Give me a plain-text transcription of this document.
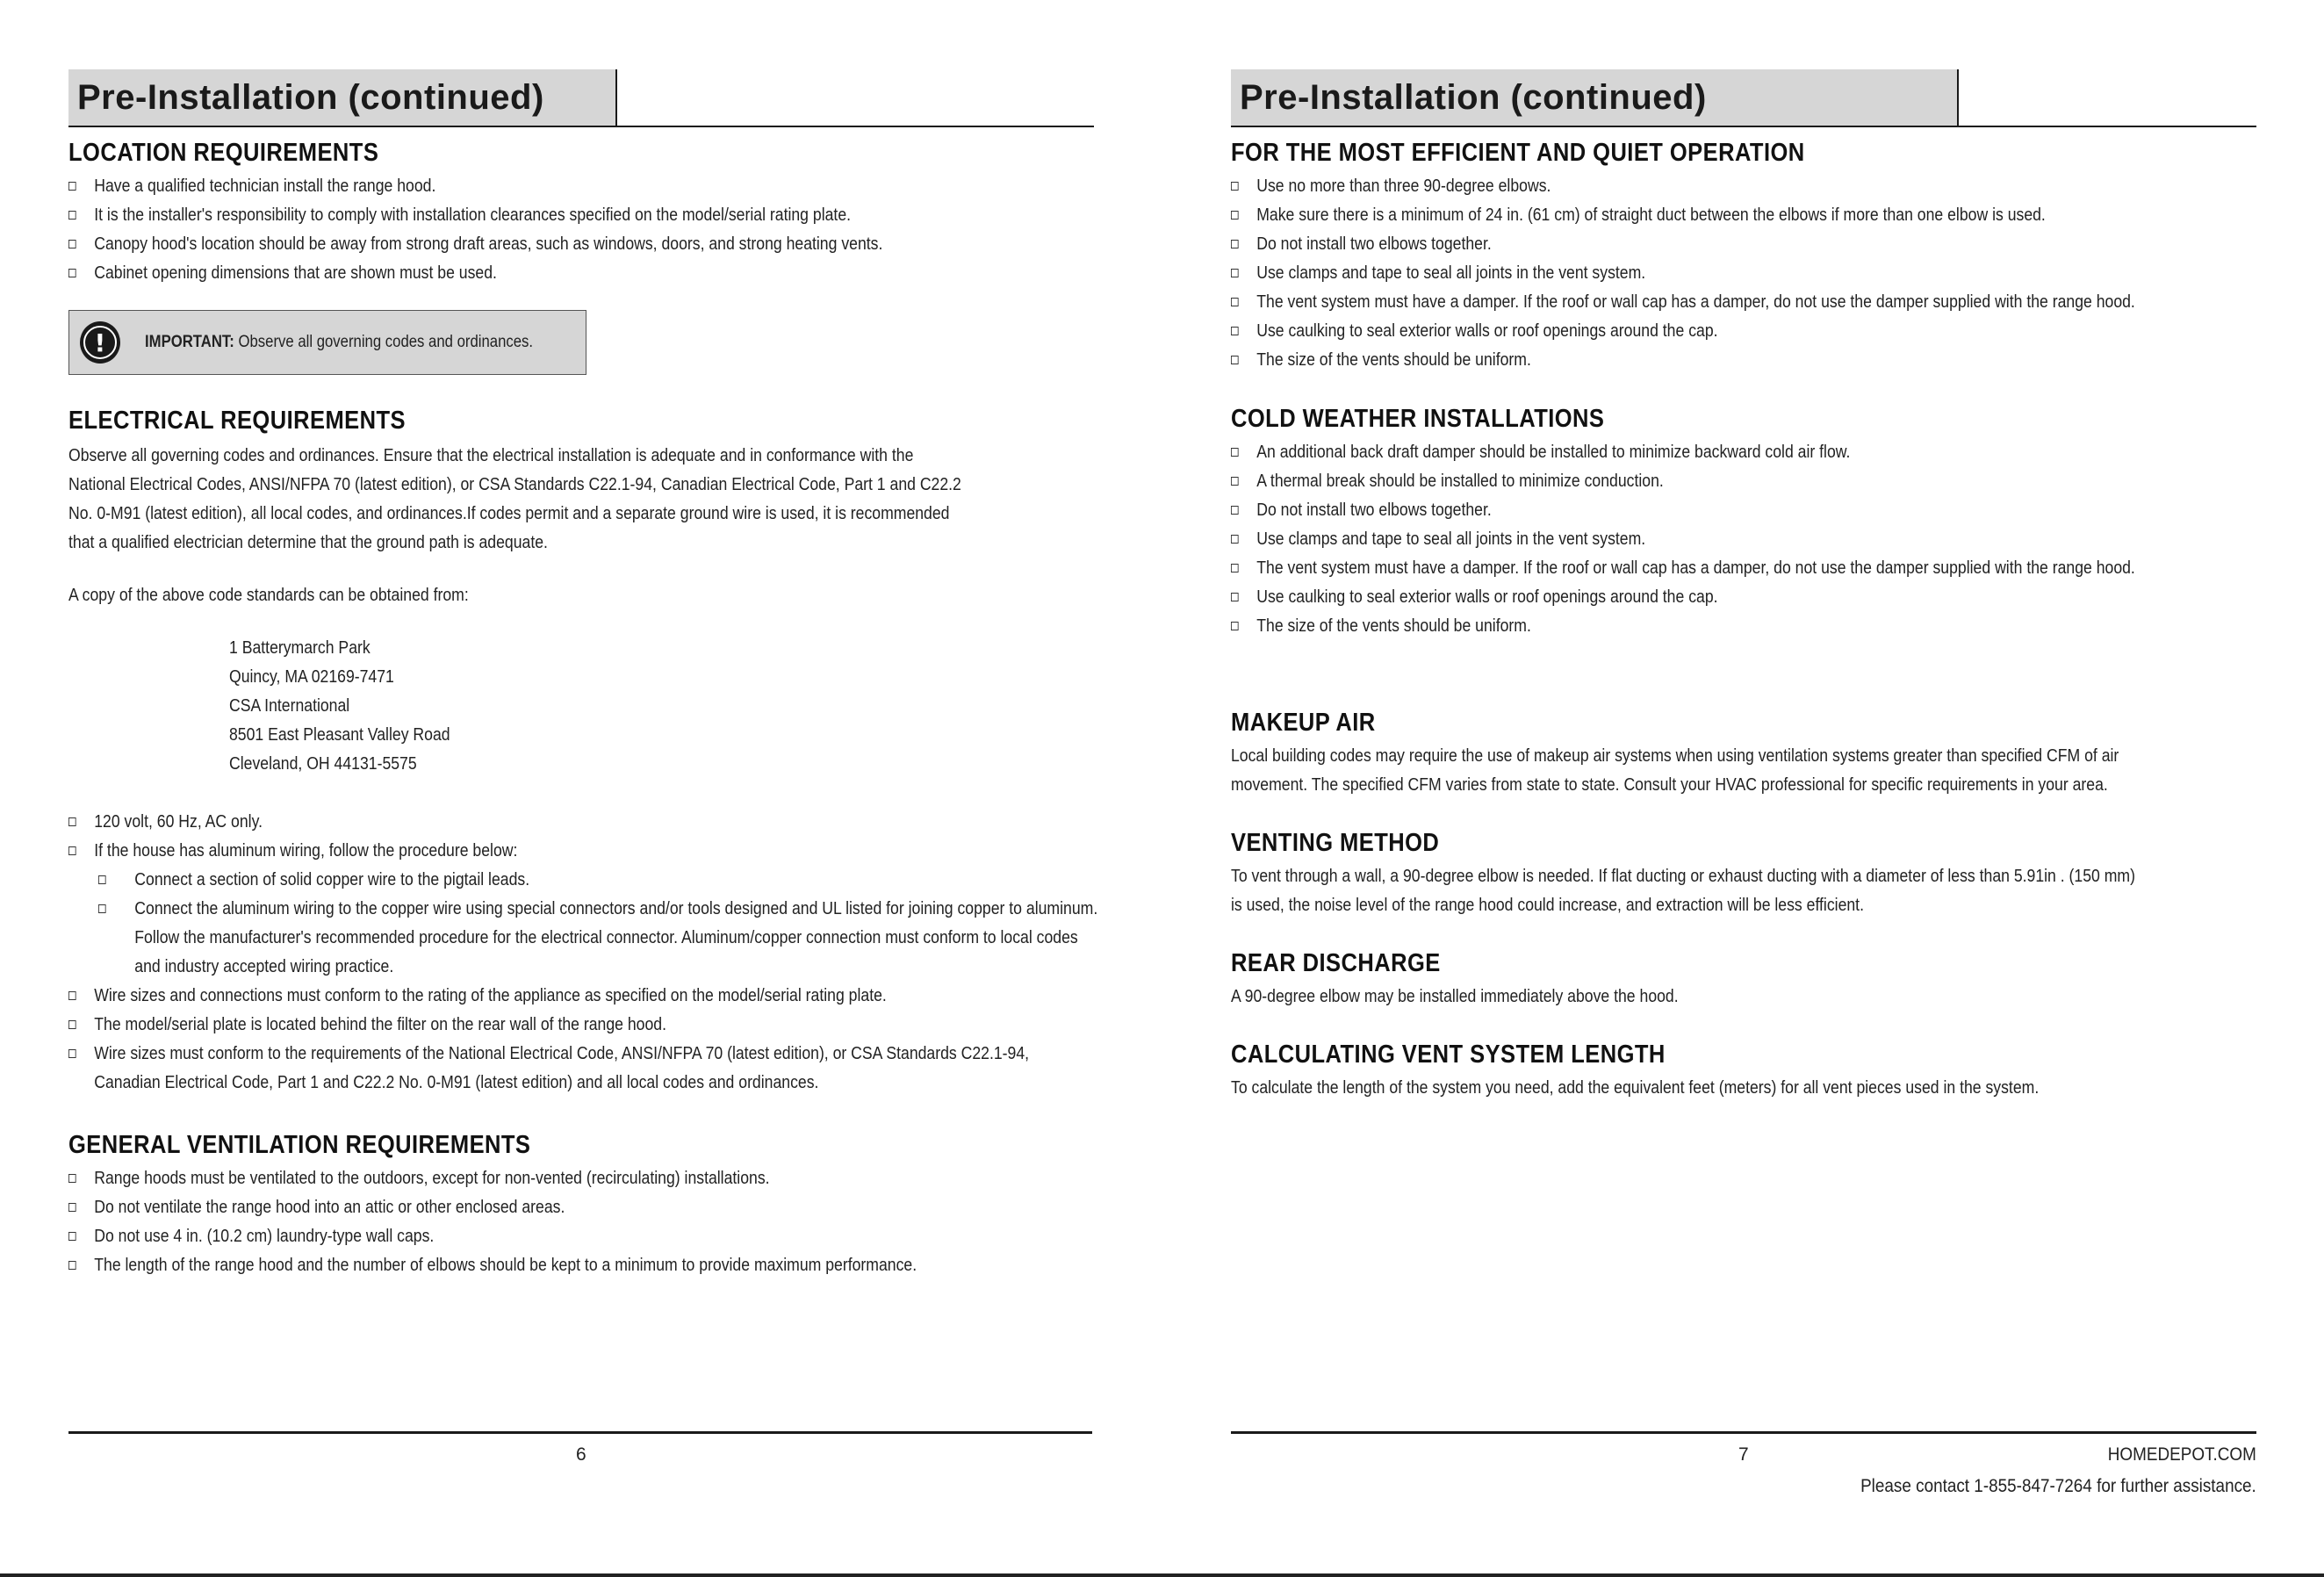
Pre-Installation (continued)
LOCATION REQUIREMENTS
Have a qualified technician install the range hood.
It is the installer's responsibility to comply with installation clearances specified on the model/serial rating plate.
Canopy hood's location should be away from strong draft areas, such as windows, doors, and strong heating vents.
Cabinet opening dimensions that are shown must be used.
!	IMPORTANT: Observe all governing codes and ordinances.
ELECTRICAL REQUIREMENTS
Observe all governing codes and ordinances. Ensure that the electrical installation is adequate and in conformance with the
National Electrical Codes, ANSI/NFPA 70 (latest edition), or CSA Standards C22.1-94, Canadian Electrical Code, Part 1 and C22.2
No. 0-M91 (latest edition), all local codes, and ordinances.If codes permit and a separate ground wire is used, it is recommended
that a qualified electrician determine that the ground path is adequate.
A copy of the above code standards can be obtained from:
1 Batterymarch Park
Quincy, MA 02169-7471
CSA International
8501 East Pleasant Valley Road
Cleveland, OH 44131-5575
120 volt, 60 Hz, AC only.
If the house has aluminum wiring, follow the procedure below:
Connect a section of solid copper wire to the pigtail leads.
Connect the aluminum wiring to the copper wire using special connectors and/or tools designed and UL listed for joining copper to aluminum. Follow the manufacturer's recommended procedure for the electrical connector. Aluminum/copper connection must conform to local codes and industry accepted wiring practice.
Wire sizes and connections must conform to the rating of the appliance as specified on the model/serial rating plate.
The model/serial plate is located behind the filter on the rear wall of the range hood.
Wire sizes must conform to the requirements of the National Electrical Code, ANSI/NFPA 70 (latest edition), or CSA Standards C22.1-94, Canadian Electrical Code, Part 1 and C22.2 No. 0-M91 (latest edition) and all local codes and ordinances.
GENERAL VENTILATION REQUIREMENTS
Range hoods must be ventilated to the outdoors, except for non-vented (recirculating) installations.
Do not ventilate the range hood into an attic or other enclosed areas.
Do not use 4 in. (10.2 cm) laundry-type wall caps.
The length of the range hood and the number of elbows should be kept to a minimum to provide maximum performance.
6
Pre-Installation (continued)
FOR THE MOST EFFICIENT AND QUIET OPERATION
Use no more than three 90-degree elbows.
Make sure there is a minimum of 24 in. (61 cm) of straight duct between the elbows if more than one elbow is used.
Do not install two elbows together.
Use clamps and tape to seal all joints in the vent system.
The vent system must have a damper. If the roof or wall cap has a damper, do not use the damper supplied with the range hood.
Use caulking to seal exterior walls or roof openings around the cap.
The size of the vents should be uniform.
COLD WEATHER INSTALLATIONS
An additional back draft damper should be installed to minimize backward cold air flow.
A thermal break should be installed to minimize conduction.
Do not install two elbows together.
Use clamps and tape to seal all joints in the vent system.
The vent system must have a damper. If the roof or wall cap has a damper, do not use the damper supplied with the range hood.
Use caulking to seal exterior walls or roof openings around the cap.
The size of the vents should be uniform.
MAKEUP AIR
Local building codes may require the use of makeup air systems when using ventilation systems greater than specified CFM of air
movement. The specified CFM varies from state to state. Consult your HVAC professional for specific requirements in your area.
VENTING METHOD
To vent through a wall, a 90-degree elbow is needed. If flat ducting or exhaust ducting with a diameter of less than 5.91in . (150 mm)
is used, the noise level of the range hood could increase, and extraction will be less efficient.
REAR DISCHARGE
A 90-degree elbow may be installed immediately above the hood.
CALCULATING VENT SYSTEM LENGTH
To calculate the length of the system you need, add the equivalent feet (meters) for all vent pieces used in the system.
7	HOMEDEPOT.COM
Please contact 1-855-847-7264 for further assistance.
